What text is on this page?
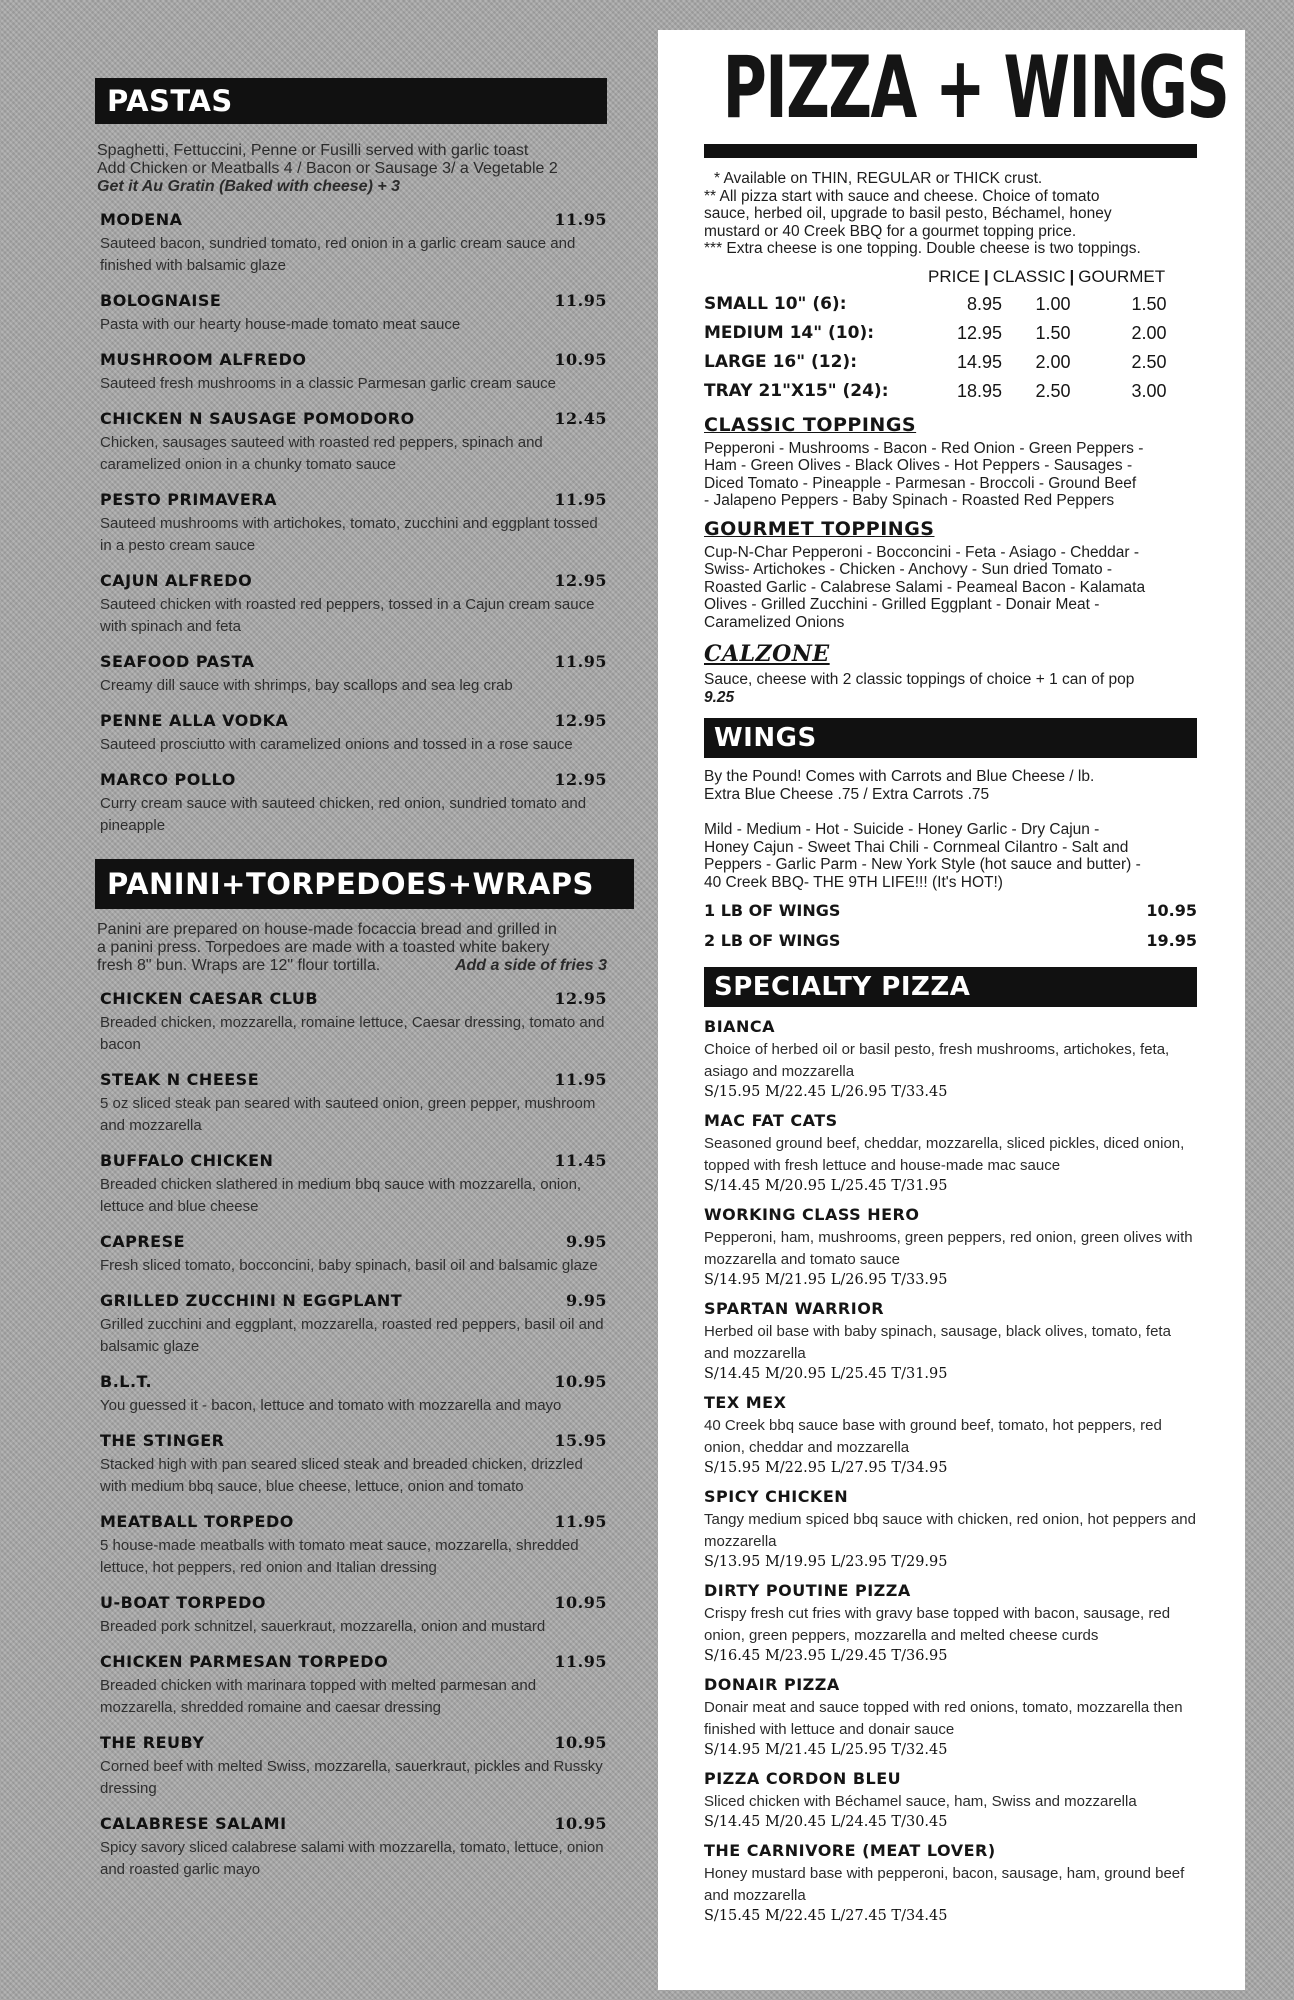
PASTAS
Spaghetti, Fettuccini, Penne or Fusilli served with garlic toast
Add Chicken or Meatballs 4 / Bacon or Sausage 3/ a Vegetable 2
Get it Au Gratin (Baked with cheese) + 3
MODENA	11.95
Sauteed bacon, sundried tomato, red onion in a garlic cream sauce and finished with balsamic glaze
BOLOGNAISE	11.95
Pasta with our hearty house-made tomato meat sauce
MUSHROOM ALFREDO	10.95
Sauteed fresh mushrooms in a classic Parmesan garlic cream sauce
CHICKEN N SAUSAGE POMODORO	12.45
Chicken, sausages sauteed with roasted red peppers, spinach and caramelized onion in a chunky tomato sauce
PESTO PRIMAVERA	11.95
Sauteed mushrooms with artichokes, tomato, zucchini and eggplant tossed in a pesto cream sauce
CAJUN ALFREDO	12.95
Sauteed chicken with roasted red peppers, tossed in a Cajun cream sauce with spinach and feta
SEAFOOD PASTA	11.95
Creamy dill sauce with shrimps, bay scallops and sea leg crab
PENNE ALLA VODKA	12.95
Sauteed prosciutto with caramelized onions and tossed in a rose sauce
MARCO POLLO	12.95
Curry cream sauce with sauteed chicken, red onion, sundried tomato and pineapple
PANINI+TORPEDOES+WRAPS
Panini are prepared on house-made focaccia bread and grilled in
a panini press. Torpedoes are made with a toasted white bakery
fresh 8" bun. Wraps are 12" flour tortilla.	Add a side of fries 3
CHICKEN CAESAR CLUB	12.95
Breaded chicken, mozzarella, romaine lettuce, Caesar dressing, tomato and bacon
STEAK N CHEESE	11.95
5 oz sliced steak pan seared with sauteed onion, green pepper, mushroom and mozzarella
BUFFALO CHICKEN	11.45
Breaded chicken slathered in medium bbq sauce with mozzarella, onion, lettuce and blue cheese
CAPRESE	9.95
Fresh sliced tomato, bocconcini, baby spinach, basil oil and balsamic glaze
GRILLED ZUCCHINI N EGGPLANT	9.95
Grilled zucchini and eggplant, mozzarella, roasted red peppers, basil oil and balsamic glaze
B.L.T.	10.95
You guessed it - bacon, lettuce and tomato with mozzarella and mayo
THE STINGER	15.95
Stacked high with pan seared sliced steak and breaded chicken, drizzled with medium bbq sauce, blue cheese, lettuce, onion and tomato
MEATBALL TORPEDO	11.95
5 house-made meatballs with tomato meat sauce, mozzarella, shredded lettuce, hot peppers, red onion and Italian dressing
U-BOAT TORPEDO	10.95
Breaded pork schnitzel, sauerkraut, mozzarella, onion and mustard
CHICKEN PARMESAN TORPEDO	11.95
Breaded chicken with marinara topped with melted parmesan and mozzarella, shredded romaine and caesar dressing
THE REUBY	10.95
Corned beef with melted Swiss, mozzarella, sauerkraut, pickles and Russky dressing
CALABRESE SALAMI	10.95
Spicy savory sliced calabrese salami with mozzarella, tomato, lettuce, onion and roasted garlic mayo
PIZZA + WINGS
* Available on THIN, REGULAR or THICK crust.
** All pizza start with sauce and cheese. Choice of tomato
sauce, herbed oil, upgrade to basil pesto, Béchamel, honey
mustard or 40 Creek BBQ for a gourmet topping price.
*** Extra cheese is one topping. Double cheese is two toppings.
PRICE | CLASSIC | GOURMET
SMALL 10" (6):	8.95	1.00	1.50
MEDIUM 14" (10):	12.95	1.50	2.00
LARGE 16" (12):	14.95	2.00	2.50
TRAY 21"X15" (24):	18.95	2.50	3.00
CLASSIC TOPPINGS
Pepperoni - Mushrooms - Bacon - Red Onion - Green Peppers -
Ham - Green Olives - Black Olives - Hot Peppers - Sausages -
Diced Tomato - Pineapple - Parmesan - Broccoli - Ground Beef
- Jalapeno Peppers - Baby Spinach - Roasted Red Peppers
GOURMET TOPPINGS
Cup-N-Char Pepperoni - Bocconcini - Feta - Asiago - Cheddar -
Swiss- Artichokes - Chicken - Anchovy - Sun dried Tomato -
Roasted Garlic - Calabrese Salami - Peameal Bacon - Kalamata
Olives - Grilled Zucchini - Grilled Eggplant - Donair Meat -
Caramelized Onions
CALZONE
Sauce, cheese with 2 classic toppings of choice + 1 can of pop
9.25
WINGS
By the Pound! Comes with Carrots and Blue Cheese / lb.
Extra Blue Cheese .75 / Extra Carrots .75
Mild - Medium - Hot - Suicide - Honey Garlic - Dry Cajun -
Honey Cajun - Sweet Thai Chili - Cornmeal Cilantro - Salt and
Peppers - Garlic Parm - New York Style (hot sauce and butter) -
40 Creek BBQ- THE 9TH LIFE!!! (It's HOT!)
1 LB OF WINGS	10.95
2 LB OF WINGS	19.95
SPECIALTY PIZZA
BIANCA
Choice of herbed oil or basil pesto, fresh mushrooms, artichokes, feta, asiago and mozzarella
S/15.95 M/22.45 L/26.95 T/33.45
MAC FAT CATS
Seasoned ground beef, cheddar, mozzarella, sliced pickles, diced onion, topped with fresh lettuce and house-made mac sauce
S/14.45 M/20.95 L/25.45 T/31.95
WORKING CLASS HERO
Pepperoni, ham, mushrooms, green peppers, red onion, green olives with mozzarella and tomato sauce
S/14.95 M/21.95 L/26.95 T/33.95
SPARTAN WARRIOR
Herbed oil base with baby spinach, sausage, black olives, tomato, feta and mozzarella
S/14.45 M/20.95 L/25.45 T/31.95
TEX MEX
40 Creek bbq sauce base with ground beef, tomato, hot peppers, red onion, cheddar and mozzarella
S/15.95 M/22.95 L/27.95 T/34.95
SPICY CHICKEN
Tangy medium spiced bbq sauce with chicken, red onion, hot peppers and mozzarella
S/13.95 M/19.95 L/23.95 T/29.95
DIRTY POUTINE PIZZA
Crispy fresh cut fries with gravy base topped with bacon, sausage, red onion, green peppers, mozzarella and melted cheese curds
S/16.45 M/23.95 L/29.45 T/36.95
DONAIR PIZZA
Donair meat and sauce topped with red onions, tomato, mozzarella then finished with lettuce and donair sauce
S/14.95 M/21.45 L/25.95 T/32.45
PIZZA CORDON BLEU
Sliced chicken with Béchamel sauce, ham, Swiss and mozzarella
S/14.45 M/20.45 L/24.45 T/30.45
THE CARNIVORE (MEAT LOVER)
Honey mustard base with pepperoni, bacon, sausage, ham, ground beef and mozzarella
S/15.45 M/22.45 L/27.45 T/34.45
